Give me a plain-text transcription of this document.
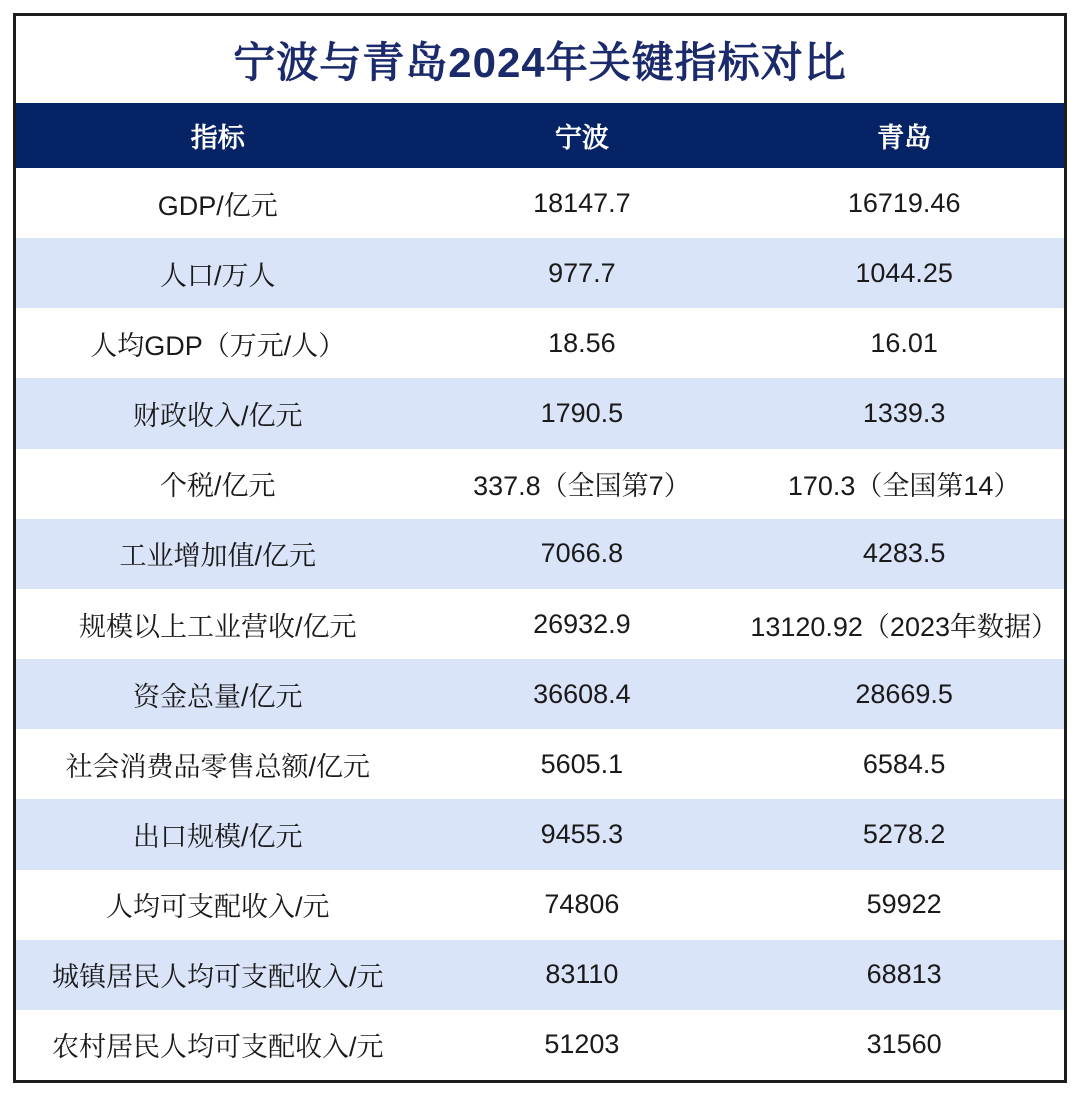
宁波与青岛2024年关键指标对比
指标	宁波	青岛
GDP/亿元	18147.7	16719.46
人口/万人	977.7	1044.25
人均GDP（万元/人）	18.56	16.01
财政收入/亿元	1790.5	1339.3
个税/亿元	337.8（全国第7）	170.3（全国第14）
工业增加值/亿元	7066.8	4283.5
规模以上工业营收/亿元	26932.9	13120.92（2023年数据）
资金总量/亿元	36608.4	28669.5
社会消费品零售总额/亿元	5605.1	6584.5
出口规模/亿元	9455.3	5278.2
人均可支配收入/元	74806	59922
城镇居民人均可支配收入/元	83110	68813
农村居民人均可支配收入/元	51203	31560
